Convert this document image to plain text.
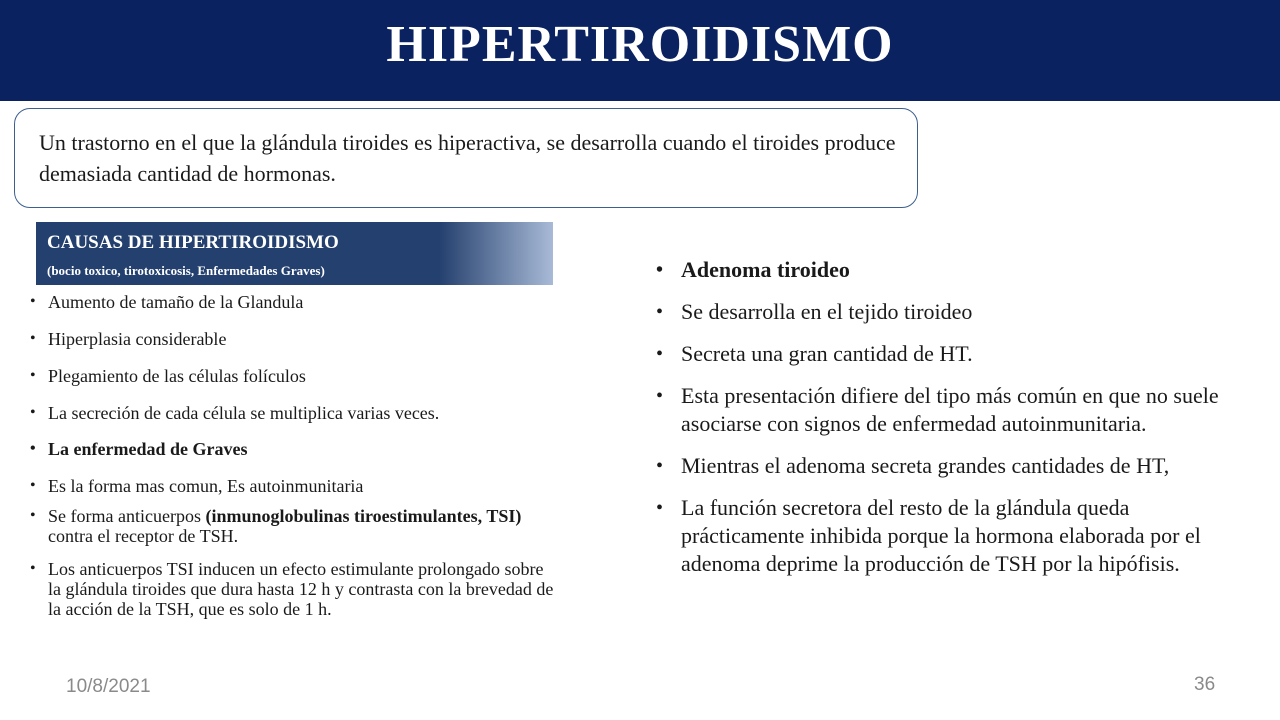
HIPERTIROIDISMO

Un trastorno en el que la glándula tiroides es hiperactiva, se desarrolla cuando el tiroides produce demasiada cantidad de hormonas.

CAUSAS DE HIPERTIROIDISMO
(bocio toxico, tirotoxicosis, Enfermedades Graves)
• Aumento de tamaño de la Glandula
• Hiperplasia considerable
• Plegamiento de las células folículos
• La secreción de cada célula se multiplica varias veces.
• La enfermedad de Graves
• Es la forma mas comun, Es autoinmunitaria
• Se forma anticuerpos (inmunoglobulinas tiroestimulantes, TSI) contra el receptor de TSH.
• Los anticuerpos TSI inducen un efecto estimulante prolongado sobre la glándula tiroides que dura hasta 12 h y contrasta con la brevedad de la acción de la TSH, que es solo de 1 h.
• Adenoma tiroideo
• Se desarrolla en el tejido tiroideo
• Secreta una gran cantidad de HT.
• Esta presentación difiere del tipo más común en que no suele asociarse con signos de enfermedad autoinmunitaria.
• Mientras el adenoma secreta grandes cantidades de HT,
• La función secretora del resto de la glándula queda prácticamente inhibida porque la hormona elaborada por el adenoma deprime la producción de TSH por la hipófisis.
10/8/2021	36
